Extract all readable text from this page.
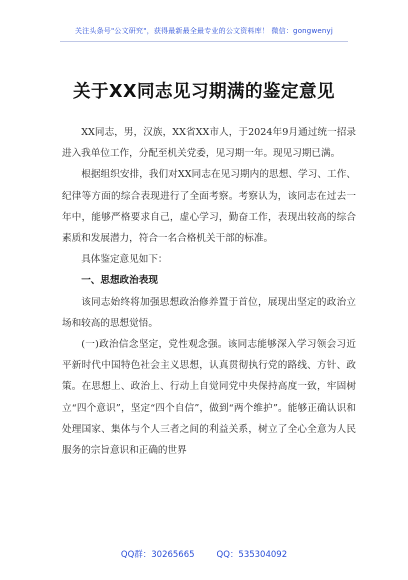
关注头条号"公文研究"，获得最新最全最专业的公文资料库！ 微信：gongwenyj
关于XX同志见习期满的鉴定意见

XX同志，男，汉族，XX省XX市人，于2024年9月通过统一招录进入我单位工作，分配至机关党委，见习期一年。现见习期已满。

根据组织安排，我们对XX同志在见习期内的思想、学习、工作、纪律等方面的综合表现进行了全面考察。考察认为，该同志在过去一年中，能够严格要求自己，虚心学习，勤奋工作，表现出较高的综合素质和发展潜力，符合一名合格机关干部的标准。

具体鉴定意见如下：

一、思想政治表现

该同志始终将加强思想政治修养置于首位，展现出坚定的政治立场和较高的思想觉悟。

(一)政治信念坚定，党性观念强。该同志能够深入学习领会习近平新时代中国特色社会主义思想，认真贯彻执行党的路线、方针、政策。在思想上、政治上、行动上自觉同党中央保持高度一致，牢固树立“四个意识”，坚定“四个自信”，做到“两个维护”。能够正确认识和处理国家、集体与个人三者之间的利益关系，树立了全心全意为人民服务的宗旨意识和正确的世界

QQ群：30265665	QQ：535304092
